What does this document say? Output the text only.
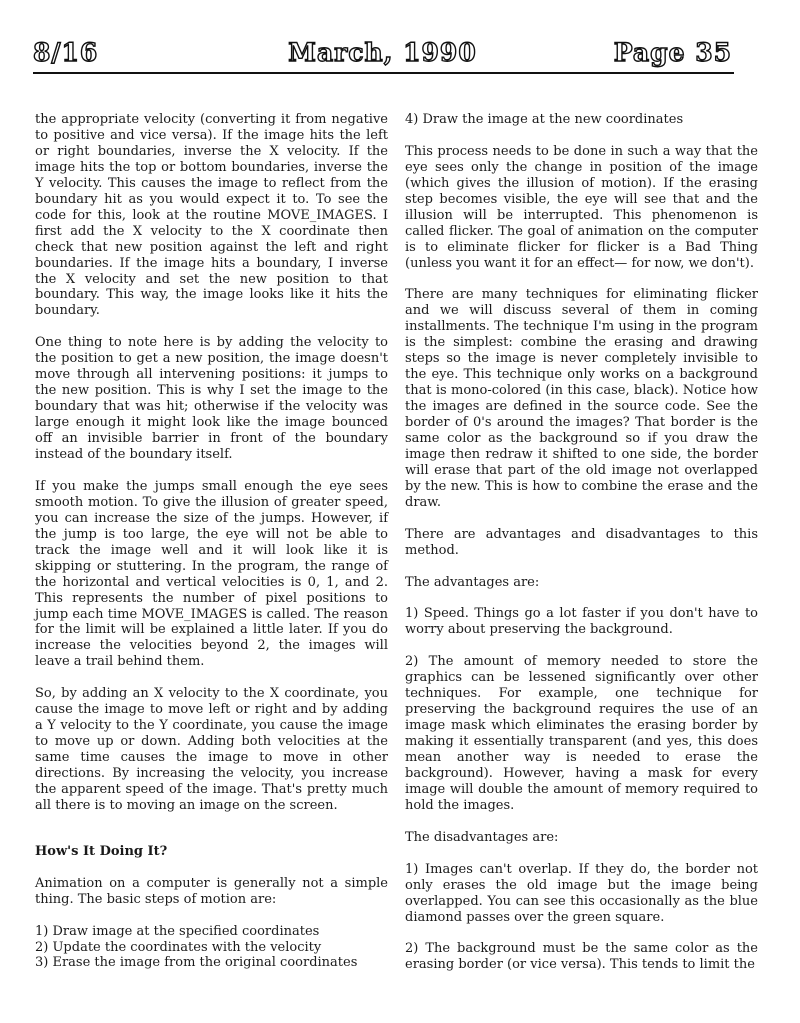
8/16	March, 1990	Page 35

the appropriate velocity (converting it from negative to positive and vice versa). If the image hits the left or right boundaries, inverse the X velocity. If the image hits the top or bottom boundaries, inverse the Y velocity. This causes the image to reflect from the boundary hit as you would expect it to. To see the code for this, look at the routine MOVE_IMAGES. I first add the X velocity to the X coordinate then check that new position against the left and right boundaries. If the image hits a boundary, I inverse the X velocity and set the new position to that boundary. This way, the image looks like it hits the boundary.

One thing to note here is by adding the velocity to the position to get a new position, the image doesn't move through all intervening positions: it jumps to the new position. This is why I set the image to the boundary that was hit; otherwise if the velocity was large enough it might look like the image bounced off an invisible barrier in front of the boundary instead of the boundary itself.

If you make the jumps small enough the eye sees smooth motion. To give the illusion of greater speed, you can increase the size of the jumps. However, if the jump is too large, the eye will not be able to track the image well and it will look like it is skipping or stuttering. In the program, the range of the horizontal and vertical velocities is 0, 1, and 2. This represents the number of pixel positions to jump each time MOVE_IMAGES is called. The reason for the limit will be explained a little later. If you do increase the velocities beyond 2, the images will leave a trail behind them.

So, by adding an X velocity to the X coordinate, you cause the image to move left or right and by adding a Y velocity to the Y coordinate, you cause the image to move up or down. Adding both velocities at the same time causes the image to move in other directions. By increasing the velocity, you increase the apparent speed of the image. That's pretty much all there is to moving an image on the screen.

How's It Doing It?

Animation on a computer is generally not a simple thing. The basic steps of motion are:

1) Draw image at the specified coordinates
2) Update the coordinates with the velocity
3) Erase the image from the original coordinates

4) Draw the image at the new coordinates

This process needs to be done in such a way that the eye sees only the change in position of the image (which gives the illusion of motion). If the erasing step becomes visible, the eye will see that and the illusion will be interrupted. This phenomenon is called flicker. The goal of animation on the computer is to eliminate flicker for flicker is a Bad Thing (unless you want it for an effect— for now, we don't).

There are many techniques for eliminating flicker and we will discuss several of them in coming installments. The technique I'm using in the program is the simplest: combine the erasing and drawing steps so the image is never completely invisible to the eye. This technique only works on a background that is mono-colored (in this case, black). Notice how the images are defined in the source code. See the border of 0's around the images? That border is the same color as the background so if you draw the image then redraw it shifted to one side, the border will erase that part of the old image not overlapped by the new. This is how to combine the erase and the draw.

There are advantages and disadvantages to this method.

The advantages are:

1) Speed. Things go a lot faster if you don't have to worry about preserving the background.

2) The amount of memory needed to store the graphics can be lessened significantly over other techniques. For example, one technique for preserving the background requires the use of an image mask which eliminates the erasing border by making it essentially transparent (and yes, this does mean another way is needed to erase the background). However, having a mask for every image will double the amount of memory required to hold the images.

The disadvantages are:

1) Images can't overlap. If they do, the border not only erases the old image but the image being overlapped. You can see this occasionally as the blue diamond passes over the green square.

2) The background must be the same color as the erasing border (or vice versa). This tends to limit the
